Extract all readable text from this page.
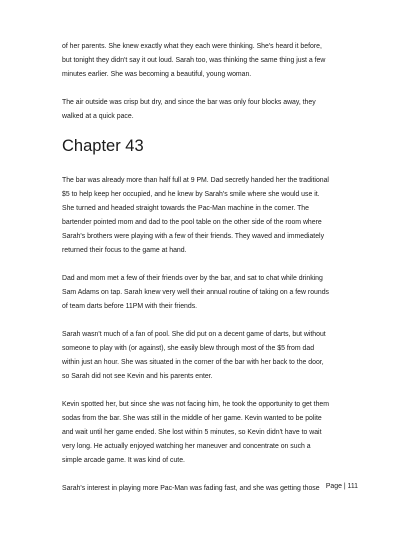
of her parents. She knew exactly what they each were thinking. She's heard it before,
but tonight they didn't say it out loud. Sarah too, was thinking the same thing just a few
minutes earlier. She was becoming a beautiful, young woman.

The air outside was crisp but dry, and since the bar was only four blocks away, they
walked at a quick pace.

Chapter 43

The bar was already more than half full at 9 PM. Dad secretly handed her the traditional
$5 to help keep her occupied, and he knew by Sarah's smile where she would use it.
She turned and headed straight towards the Pac-Man machine in the corner. The
bartender pointed mom and dad to the pool table on the other side of the room where
Sarah's brothers were playing with a few of their friends. They waved and immediately
returned their focus to the game at hand.

Dad and mom met a few of their friends over by the bar, and sat to chat while drinking
Sam Adams on tap. Sarah knew very well their annual routine of taking on a few rounds
of team darts before 11PM with their friends.

Sarah wasn't much of a fan of pool. She did put on a decent game of darts, but without
someone to play with (or against), she easily blew through most of the $5 from dad
within just an hour. She was situated in the corner of the bar with her back to the door,
so Sarah did not see Kevin and his parents enter.

Kevin spotted her, but since she was not facing him, he took the opportunity to get them
sodas from the bar. She was still in the middle of her game. Kevin wanted to be polite
and wait until her game ended. She lost within 5 minutes, so Kevin didn't have to wait
very long. He actually enjoyed watching her maneuver and concentrate on such a
simple arcade game. It was kind of cute.

Sarah's interest in playing more Pac-Man was fading fast, and she was getting those Page | 111
